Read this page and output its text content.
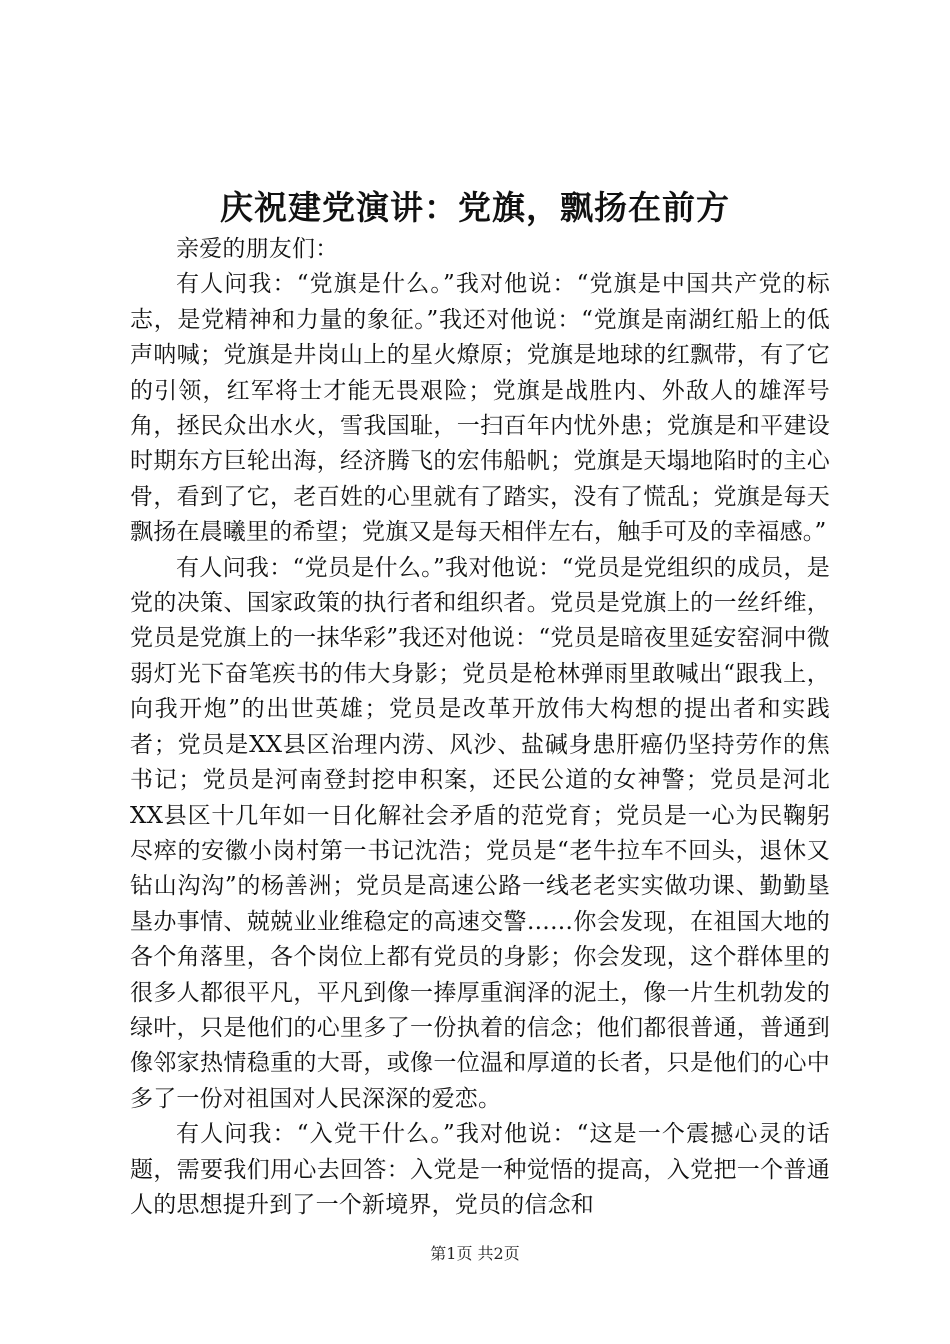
庆祝建党演讲：党旗，飘扬在前方

亲爱的朋友们：

有人问我：“党旗是什么。”我对他说：“党旗是中国共产党的标志，是党精神和力量的象征。”我还对他说：“党旗是南湖红船上的低声呐喊；党旗是井岗山上的星火燎原；党旗是地球的红飘带，有了它的引领，红军将士才能无畏艰险；党旗是战胜内、外敌人的雄浑号角，拯民众出水火，雪我国耻，一扫百年内忧外患；党旗是和平建设时期东方巨轮出海，经济腾飞的宏伟船帆；党旗是天塌地陷时的主心骨，看到了它，老百姓的心里就有了踏实，没有了慌乱；党旗是每天飘扬在晨曦里的希望；党旗又是每天相伴左右，触手可及的幸福感。”

有人问我：“党员是什么。”我对他说：“党员是党组织的成员，是党的决策、国家政策的执行者和组织者。党员是党旗上的一丝纤维，党员是党旗上的一抹华彩”我还对他说：“党员是暗夜里延安窑洞中微弱灯光下奋笔疾书的伟大身影；党员是枪林弹雨里敢喊出“跟我上，向我开炮”的出世英雄；党员是改革开放伟大构想的提出者和实践者；党员是XX县区治理内涝、风沙、盐碱身患肝癌仍坚持劳作的焦书记；党员是河南登封挖申积案，还民公道的女神警；党员是河北XX县区十几年如一日化解社会矛盾的范党育；党员是一心为民鞠躬尽瘁的安徽小岗村第一书记沈浩；党员是“老牛拉车不回头，退休又钻山沟沟”的杨善洲；党员是高速公路一线老老实实做功课、勤勤垦垦办事情、兢兢业业维稳定的高速交警……你会发现，在祖国大地的各个角落里，各个岗位上都有党员的身影；你会发现，这个群体里的很多人都很平凡，平凡到像一捧厚重润泽的泥土，像一片生机勃发的绿叶，只是他们的心里多了一份执着的信念；他们都很普通，普通到像邻家热情稳重的大哥，或像一位温和厚道的长者，只是他们的心中多了一份对祖国对人民深深的爱恋。

有人问我：“入党干什么。”我对他说：“这是一个震撼心灵的话题，需要我们用心去回答：入党是一种觉悟的提高，入党把一个普通人的思想提升到了一个新境界，党员的信念和

第1页 共2页
